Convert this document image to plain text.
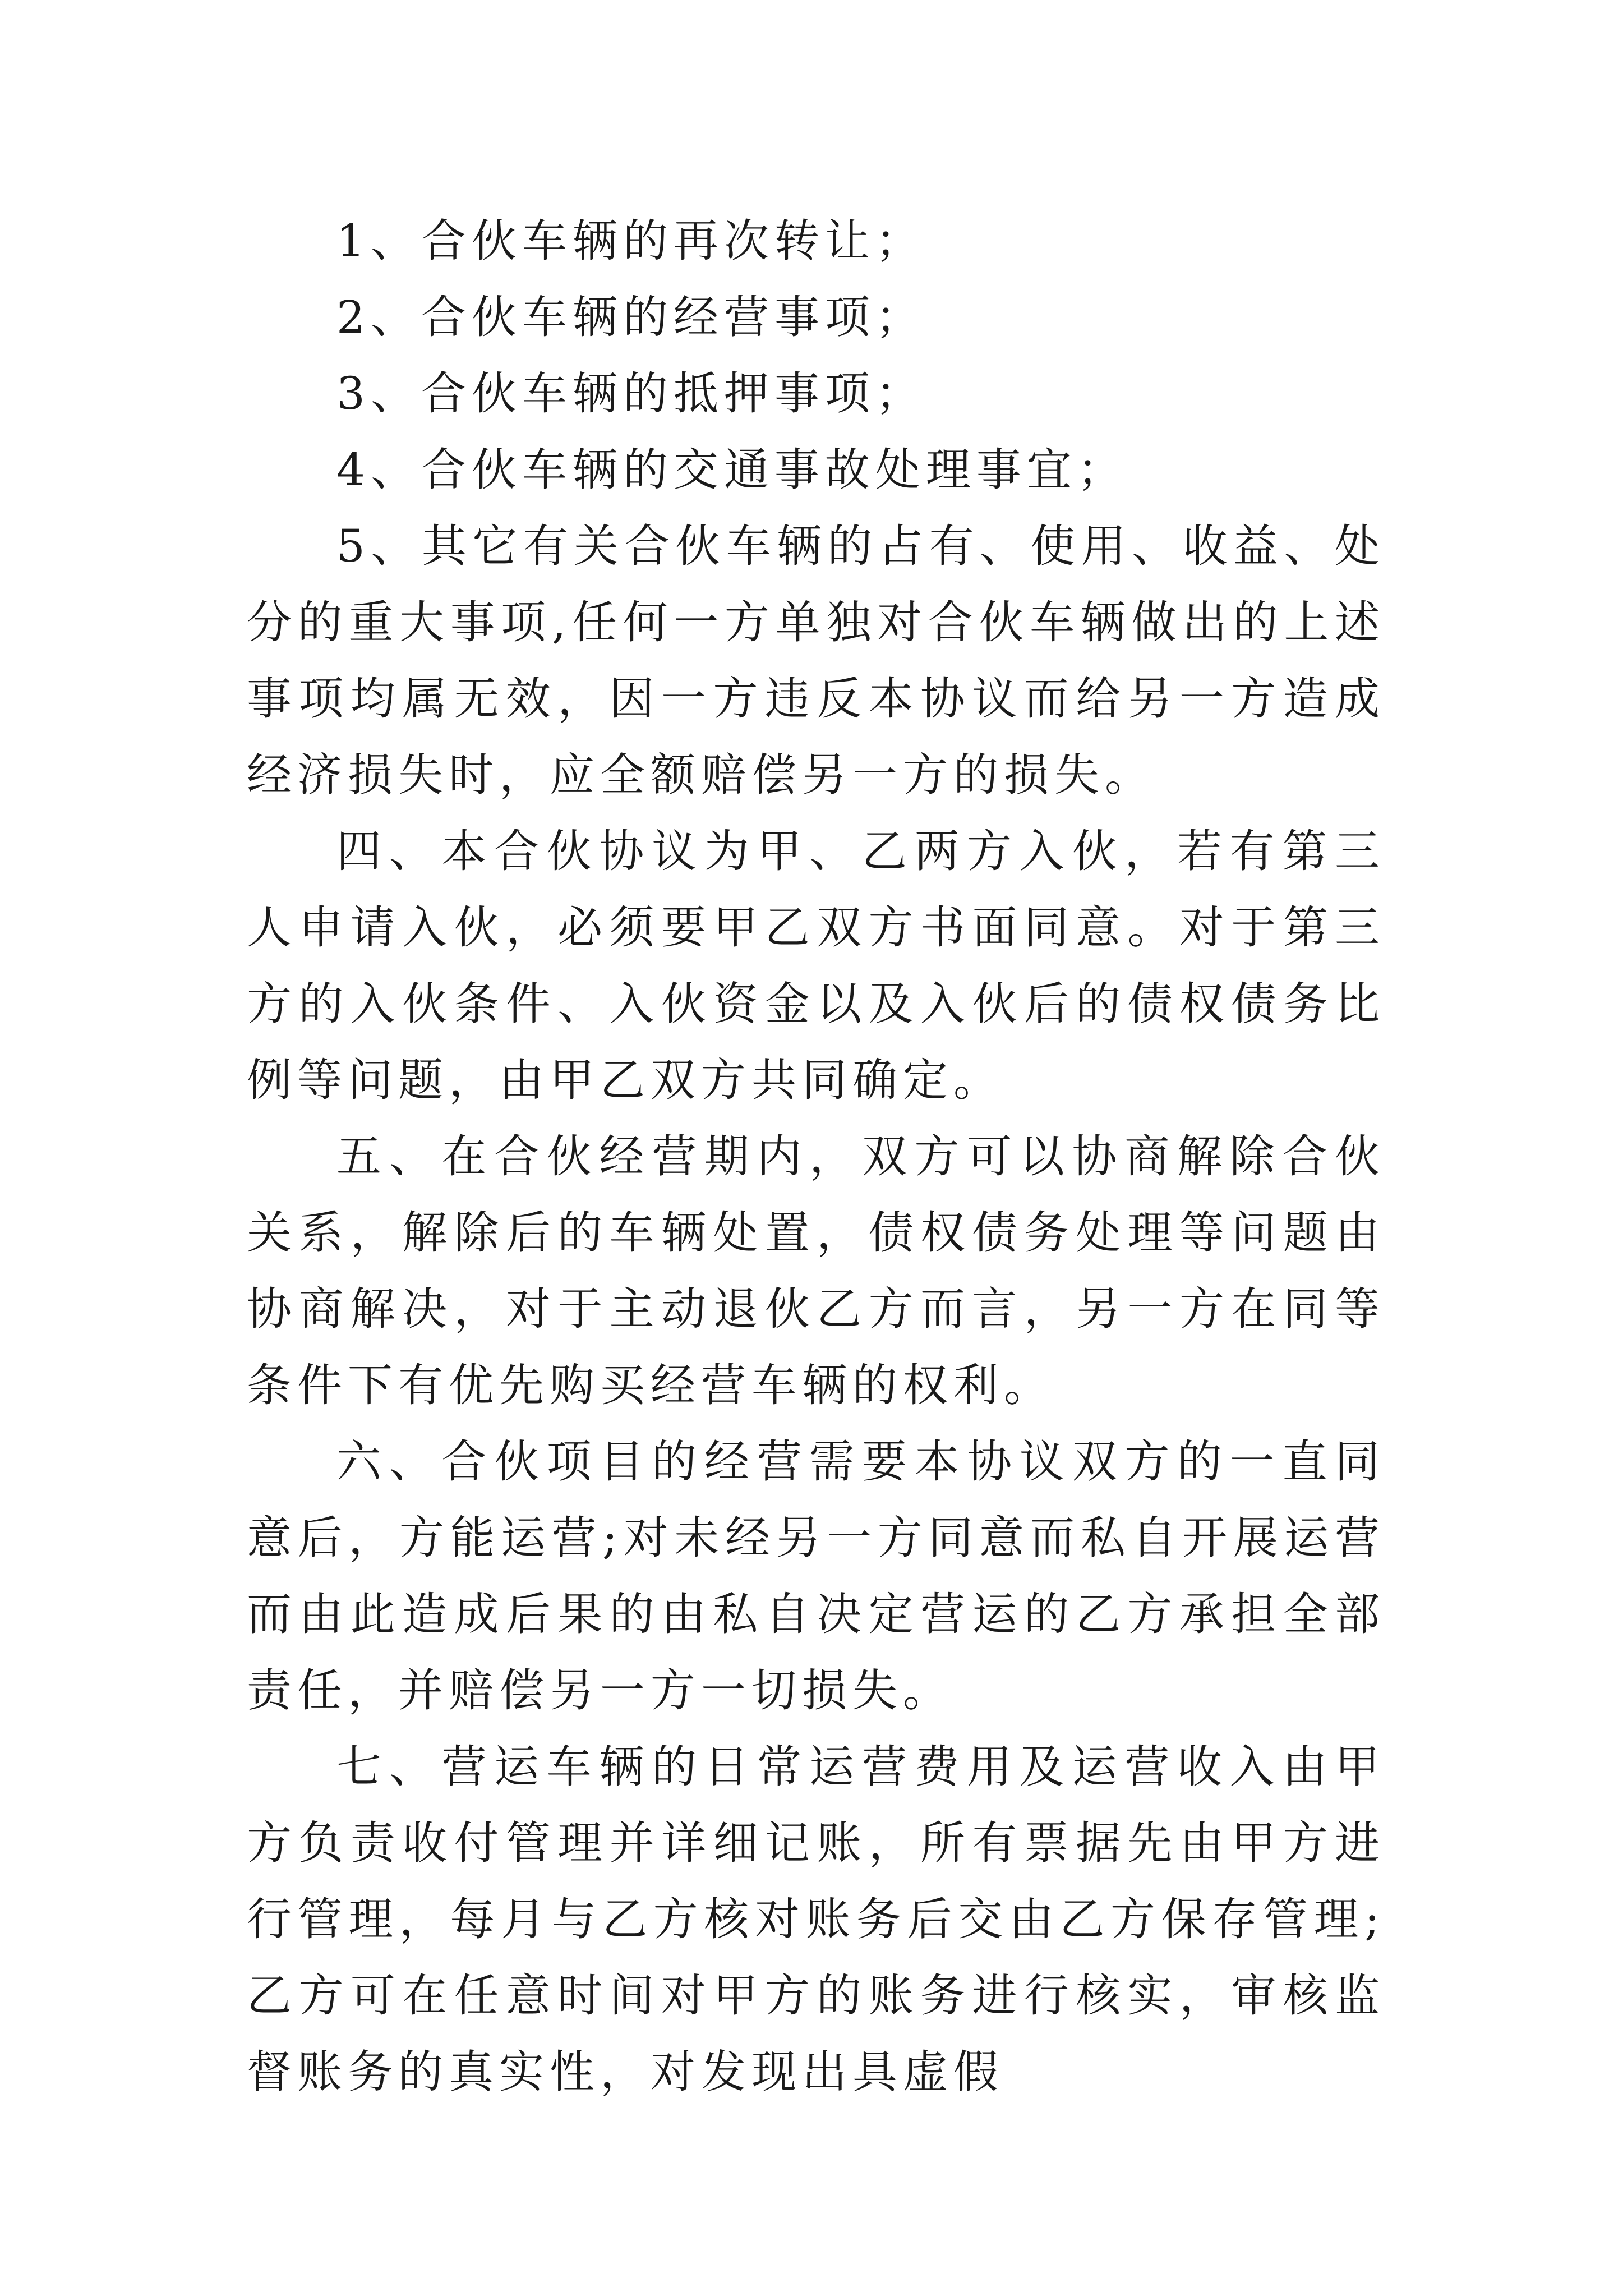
1、合伙车辆的再次转让；

2、合伙车辆的经营事项；

3、合伙车辆的抵押事项；

4、合伙车辆的交通事故处理事宜；

5、其它有关合伙车辆的占有、使用、收益、处分的重大事项,任何一方单独对合伙车辆做出的上述事项均属无效，因一方违反本协议而给另一方造成经济损失时，应全额赔偿另一方的损失。

四、本合伙协议为甲、乙两方入伙，若有第三人申请入伙，必须要甲乙双方书面同意。对于第三方的入伙条件、入伙资金以及入伙后的债权债务比例等问题，由甲乙双方共同确定。

五、在合伙经营期内，双方可以协商解除合伙关系，解除后的车辆处置，债权债务处理等问题由协商解决，对于主动退伙乙方而言，另一方在同等条件下有优先购买经营车辆的权利。

六、合伙项目的经营需要本协议双方的一直同意后，方能运营;对未经另一方同意而私自开展运营而由此造成后果的由私自决定营运的乙方承担全部责任，并赔偿另一方一切损失。

七、营运车辆的日常运营费用及运营收入由甲方负责收付管理并详细记账，所有票据先由甲方进行管理，每月与乙方核对账务后交由乙方保存管理;乙方可在任意时间对甲方的账务进行核实，审核监督账务的真实性，对发现出具虚假
